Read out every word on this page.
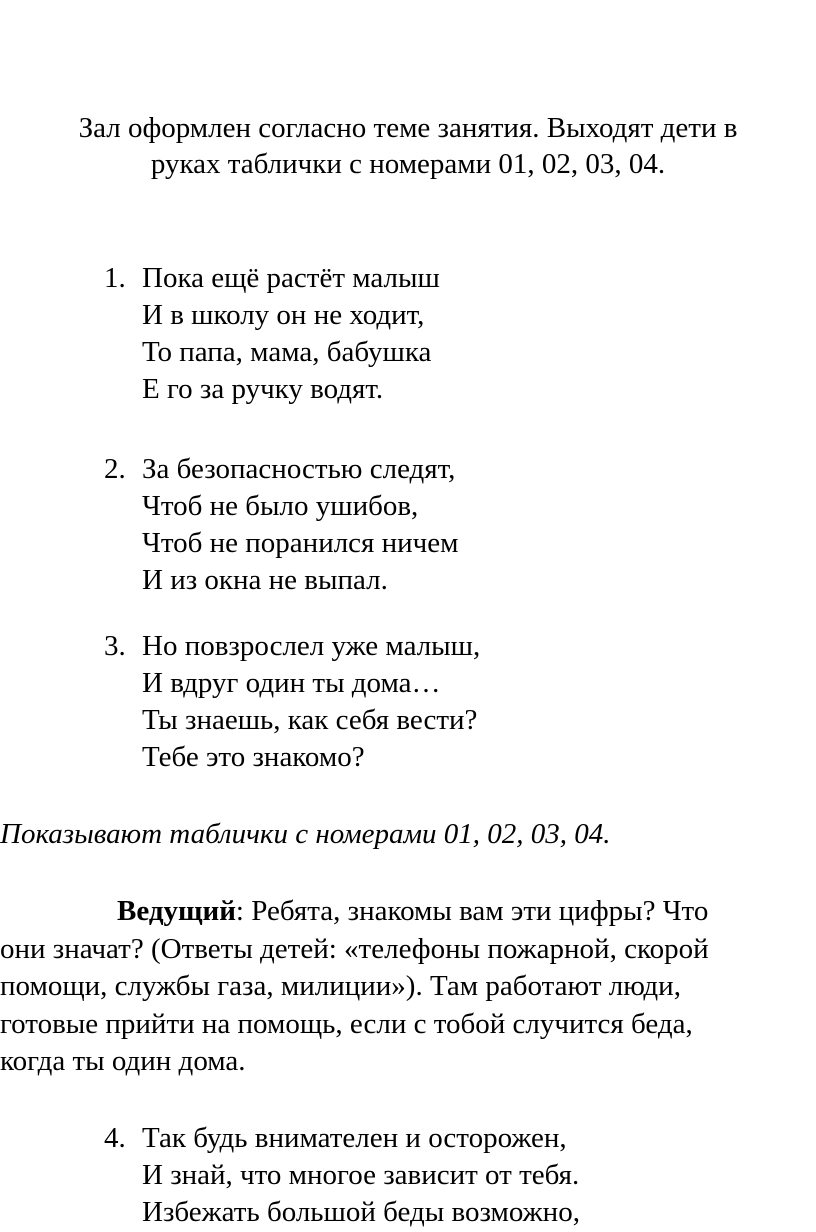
Зал оформлен согласно теме занятия. Выходят дети в
руках таблички с номерами 01, 02, 03, 04.
1. Пока ещё растёт малыш
И в школу он не ходит,
То папа, мама, бабушка
Е го за ручку водят.
2. За безопасностью следят,
Чтоб не было ушибов,
Чтоб не поранился ничем
И из окна не выпал.
3. Но повзрослел уже малыш,
И вдруг один ты дома…
Ты знаешь, как себя вести?
Тебе это знакомо?
Показывают таблички с номерами 01, 02, 03, 04.
Ведущий: Ребята, знакомы вам эти цифры? Что
они значат? (Ответы детей: «телефоны пожарной, скорой
помощи, службы газа, милиции»). Там работают люди,
готовые прийти на помощь, если с тобой случится беда,
когда ты один дома.
4. Так будь внимателен и осторожен,
И знай, что многое зависит от тебя.
Избежать большой беды возможно,
